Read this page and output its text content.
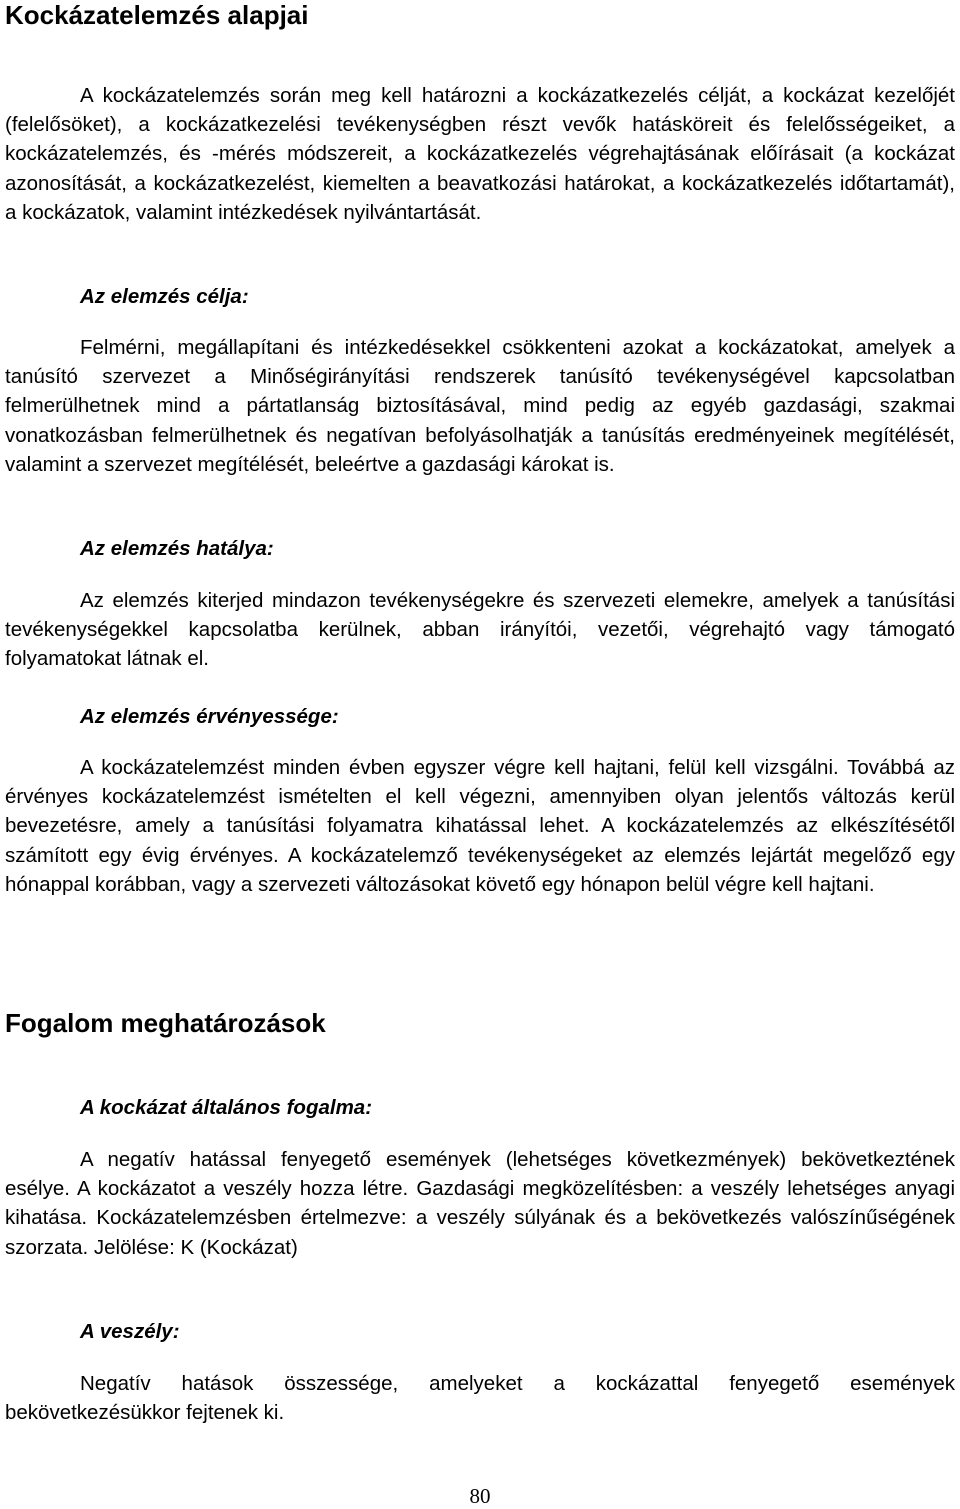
Kockázatelemzés alapjai

A kockázatelemzés során meg kell határozni a kockázatkezelés célját, a kockázat kezelőjét (felelősöket), a kockázatkezelési tevékenységben részt vevők hatásköreit és felelősségeiket, a kockázatelemzés, és -mérés módszereit, a kockázatkezelés végrehajtásának előírásait (a kockázat azonosítását, a kockázatkezelést, kiemelten a beavatkozási határokat, a kockázatkezelés időtartamát), a kockázatok, valamint intézkedések nyilvántartását.

Az elemzés célja:

Felmérni, megállapítani és intézkedésekkel csökkenteni azokat a kockázatokat, amelyek a tanúsító szervezet a Minőségirányítási rendszerek tanúsító tevékenységével kapcsolatban felmerülhetnek mind a pártatlanság biztosításával, mind pedig az egyéb gazdasági, szakmai vonatkozásban felmerülhetnek és negatívan befolyásolhatják a tanúsítás eredményeinek megítélését, valamint a szervezet megítélését, beleértve a gazdasági károkat is.

Az elemzés hatálya:

Az elemzés kiterjed mindazon tevékenységekre és szervezeti elemekre, amelyek a tanúsítási tevékenységekkel kapcsolatba kerülnek, abban irányítói, vezetői, végrehajtó vagy támogató folyamatokat látnak el.

Az elemzés érvényessége:

A kockázatelemzést minden évben egyszer végre kell hajtani, felül kell vizsgálni. Továbbá az érvényes kockázatelemzést ismételten el kell végezni, amennyiben olyan jelentős változás kerül bevezetésre, amely a tanúsítási folyamatra kihatással lehet. A kockázatelemzés az elkészítésétől számított egy évig érvényes. A kockázatelemző tevékenységeket az elemzés lejártát megelőző egy hónappal korábban, vagy a szervezeti változásokat követő egy hónapon belül végre kell hajtani.

Fogalom meghatározások
A kockázat általános fogalma:

A negatív hatással fenyegető események (lehetséges következmények) bekövetkeztének esélye. A kockázatot a veszély hozza létre. Gazdasági megközelítésben: a veszély lehetséges anyagi kihatása. Kockázatelemzésben értelmezve: a veszély súlyának és a bekövetkezés valószínűségének szorzata. Jelölése: K (Kockázat)

A veszély:

Negatív hatások összessége, amelyeket a kockázattal fenyegető események bekövetkezésükkor fejtenek ki.

80
